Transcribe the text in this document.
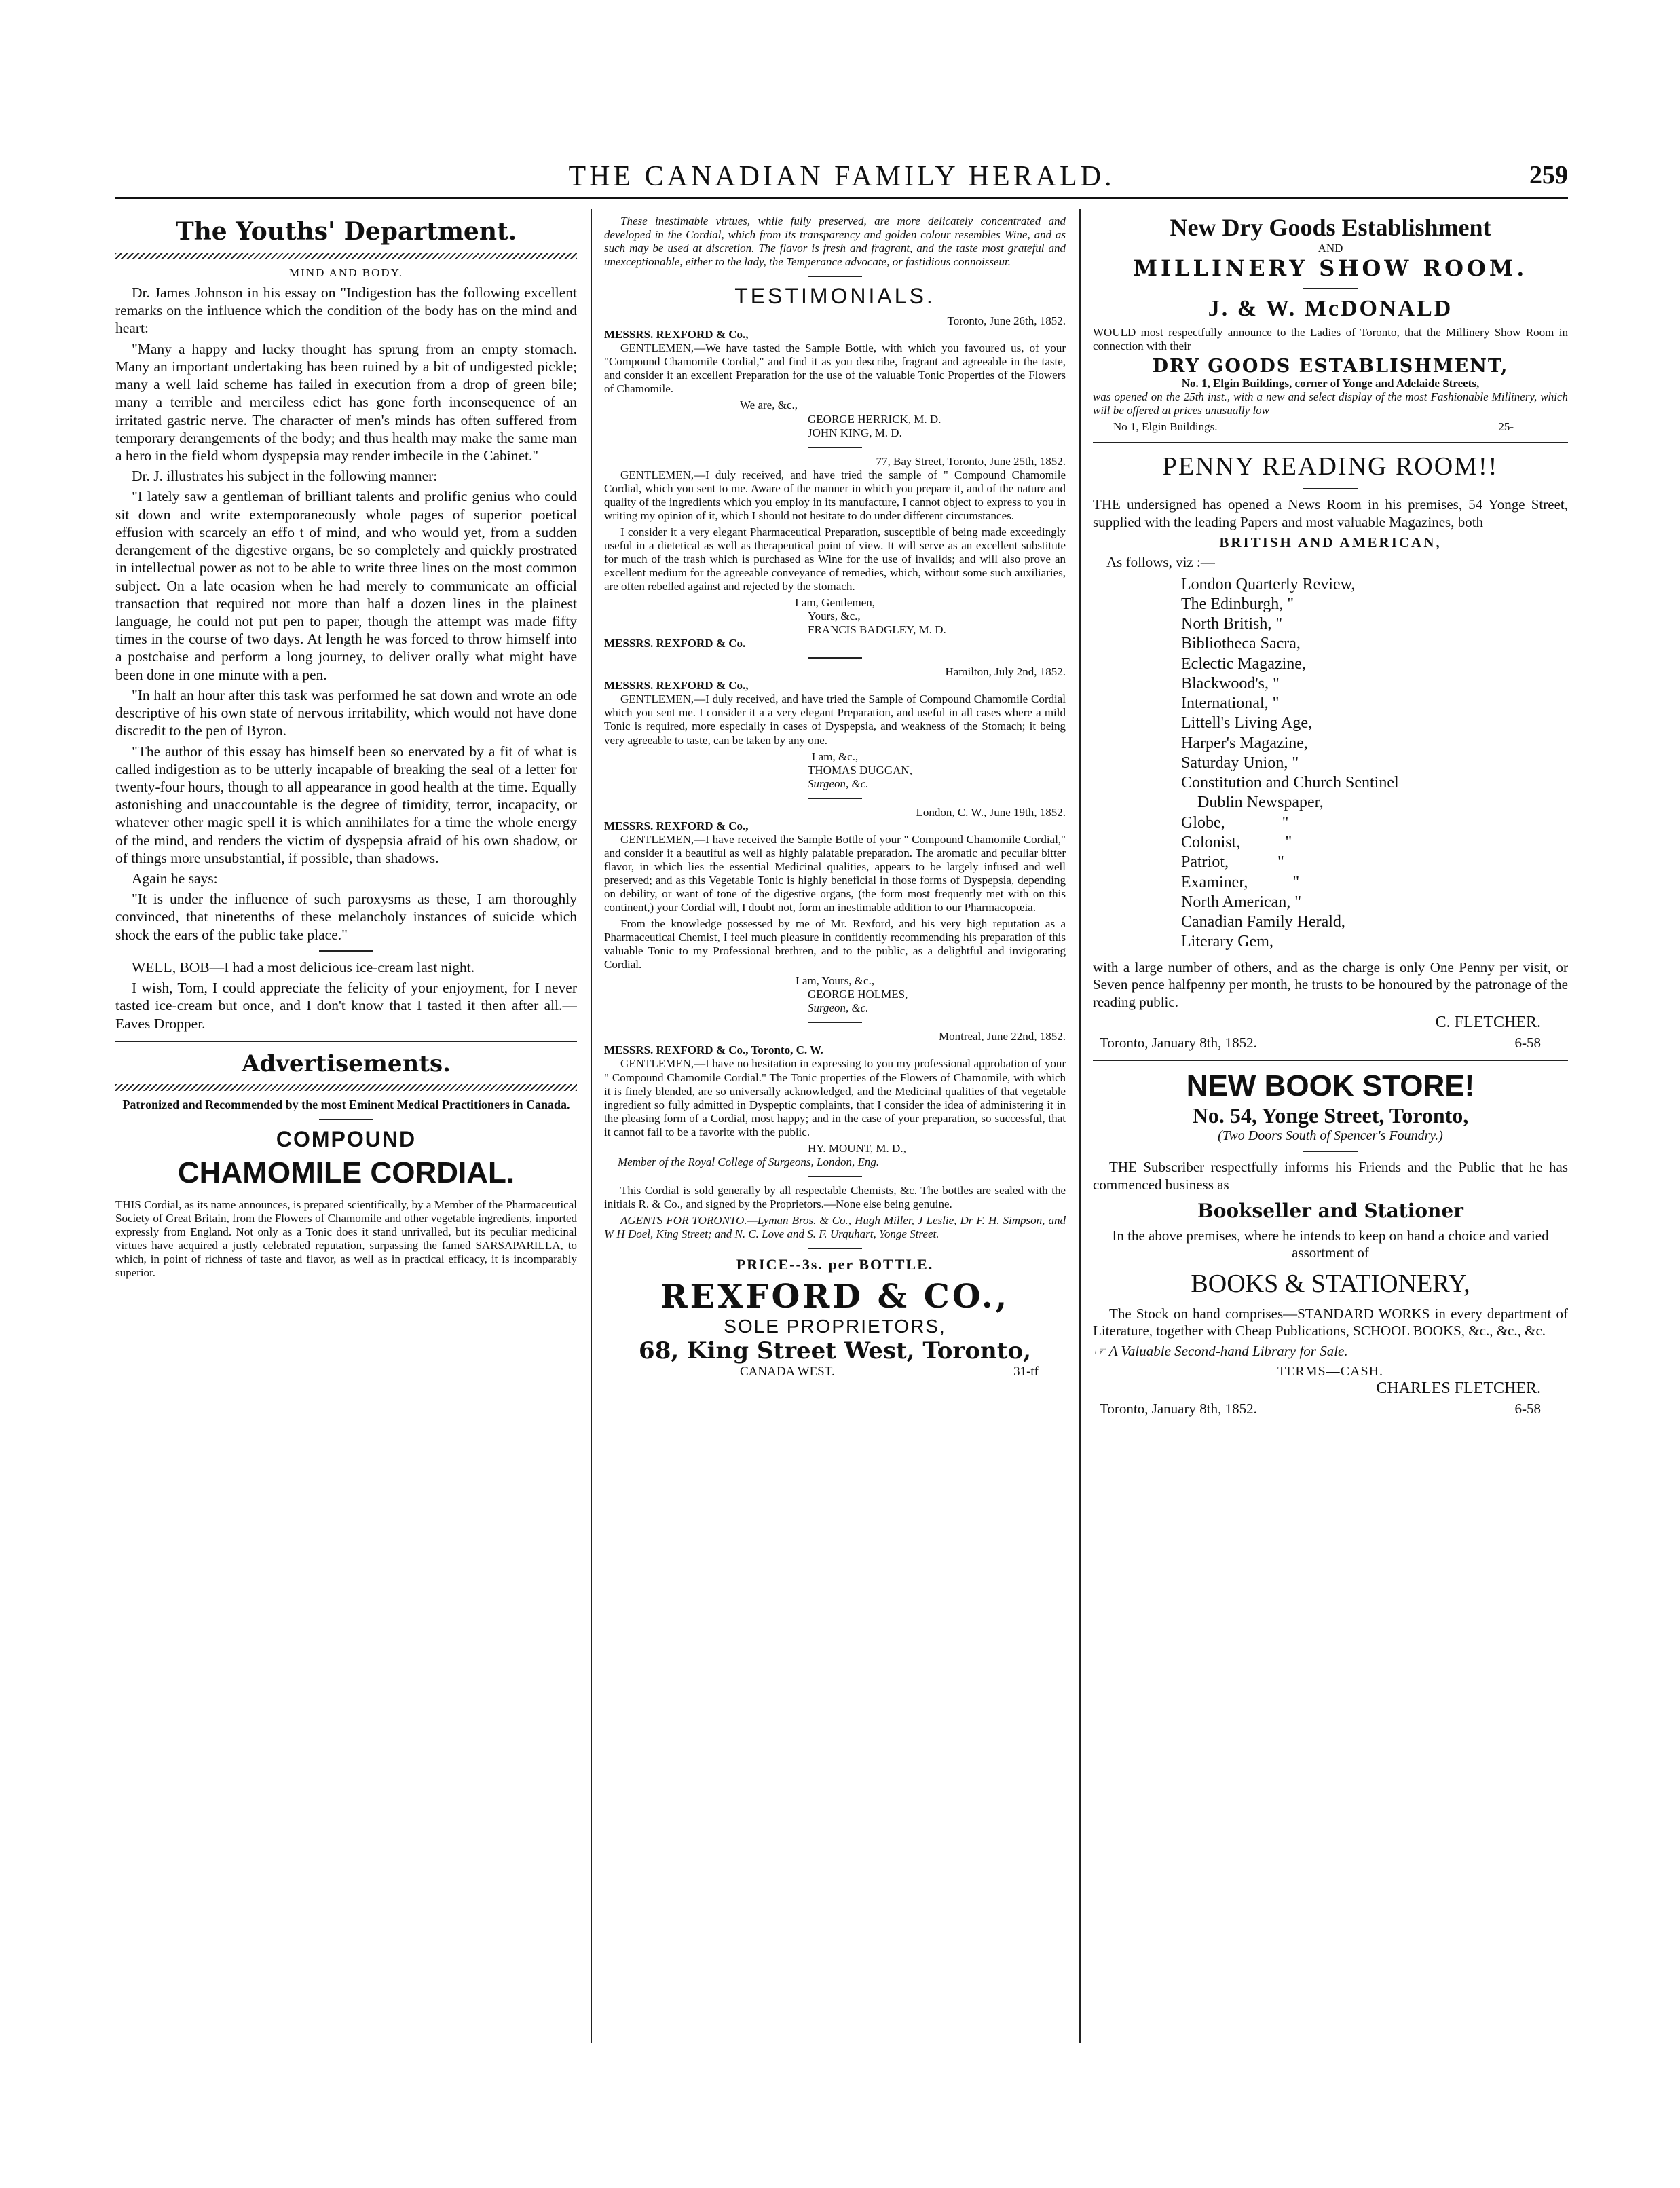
THE CANADIAN FAMILY HERALD.	259
The Youths' Department.
MIND AND BODY.

Dr. James Johnson in his essay on "Indigestion has the following excellent remarks on the influence which the condition of the body has on the mind and heart:

"Many a happy and lucky thought has sprung from an empty stomach. Many an important undertaking has been ruined by a bit of undigested pickle; many a well laid scheme has failed in execution from a drop of green bile; many a terrible and merciless edict has gone forth inconsequence of an irritated gastric nerve. The character of men's minds has often suffered from temporary derangements of the body; and thus health may make the same man a hero in the field whom dyspepsia may render imbecile in the Cabinet."

Dr. J. illustrates his subject in the following manner:

"I lately saw a gentleman of brilliant talents and prolific genius who could sit down and write extemporaneously whole pages of superior poetical effusion with scarcely an effo t of mind, and who would yet, from a sudden derangement of the digestive organs, be so completely and quickly prostrated in intellectual power as not to be able to write three lines on the most common subject. On a late ocasion when he had merely to communicate an official transaction that required not more than half a dozen lines in the plainest language, he could not put pen to paper, though the attempt was made fifty times in the course of two days. At length he was forced to throw himself into a postchaise and perform a long journey, to deliver orally what might have been done in one minute with a pen.

"In half an hour after this task was performed he sat down and wrote an ode descriptive of his own state of nervous irritability, which would not have done discredit to the pen of Byron.

"The author of this essay has himself been so enervated by a fit of what is called indigestion as to be utterly incapable of breaking the seal of a letter for twenty-four hours, though to all appearance in good health at the time. Equally astonishing and unaccountable is the degree of timidity, terror, incapacity, or whatever other magic spell it is which annihilates for a time the whole energy of the mind, and renders the victim of dyspepsia afraid of his own shadow, or of things more unsubstantial, if possible, than shadows.

Again he says:

"It is under the influence of such paroxysms as these, I am thoroughly convinced, that ninetenths of these melancholy instances of suicide which shock the ears of the public take place."

WELL, BOB—I had a most delicious ice-cream last night.

I wish, Tom, I could appreciate the felicity of your enjoyment, for I never tasted ice-cream but once, and I don't know that I tasted it then after all.—Eaves Dropper.

Advertisements.
Patronized and Recommended by the most Eminent Medical Practitioners in Canada.
COMPOUND
CHAMOMILE CORDIAL.

THIS Cordial, as its name announces, is prepared scientifically, by a Member of the Pharmaceutical Society of Great Britain, from the Flowers of Chamomile and other vegetable ingredients, imported expressly from England. Not only as a Tonic does it stand unrivalled, but its peculiar medicinal virtues have acquired a justly celebrated reputation, surpassing the famed SARSAPARILLA, to which, in point of richness of taste and flavor, as well as in practical efficacy, it is incomparably superior.

These inestimable virtues, while fully preserved, are more delicately concentrated and developed in the Cordial, which from its transparency and golden colour resembles Wine, and as such may be used at discretion. The flavor is fresh and fragrant, and the taste most grateful and unexceptionable, either to the lady, the Temperance advocate, or fastidious connoisseur.

TESTIMONIALS.
Toronto, June 26th, 1852.
MESSRS. REXFORD & Co.,

GENTLEMEN,—We have tasted the Sample Bottle, with which you favoured us, of your "Compound Chamomile Cordial," and find it as you describe, fragrant and agreeable in the taste, and consider it an excellent Preparation for the use of the valuable Tonic Properties of the Flowers of Chamomile.

We are, &c.,
GEORGE HERRICK, M. D.
JOHN KING, M. D.
77, Bay Street, Toronto, June 25th, 1852.

GENTLEMEN,—I duly received, and have tried the sample of " Compound Chamomile Cordial, which you sent to me. Aware of the manner in which you prepare it, and of the nature and quality of the ingredients which you employ in its manufacture, I cannot object to express to you in writing my opinion of it, which I should not hesitate to do under different circumstances.

I consider it a very elegant Pharmaceutical Preparation, susceptible of being made exceedingly useful in a dietetical as well as therapeutical point of view. It will serve as an excellent substitute for much of the trash which is purchased as Wine for the use of invalids; and will also prove an excellent medium for the agreeable conveyance of remedies, which, without some such auxiliaries, are often rebelled against and rejected by the stomach.

I am, Gentlemen,
Yours, &c.,
FRANCIS BADGLEY, M. D.
MESSRS. REXFORD & Co.
Hamilton, July 2nd, 1852.
MESSRS. REXFORD & Co.,

GENTLEMEN,—I duly received, and have tried the Sample of Compound Chamomile Cordial which you sent me. I consider it a a very elegant Preparation, and useful in all cases where a mild Tonic is required, more especially in cases of Dyspepsia, and weakness of the Stomach; it being very agreeable to taste, can be taken by any one.

I am, &c.,
THOMAS DUGGAN,
Surgeon, &c.
London, C. W., June 19th, 1852.
MESSRS. REXFORD & Co.,

GENTLEMEN,—I have received the Sample Bottle of your " Compound Chamomile Cordial," and consider it a beautiful as well as highly palatable preparation. The aromatic and peculiar bitter flavor, in which lies the essential Medicinal qualities, appears to be largely infused and well preserved; and as this Vegetable Tonic is highly beneficial in those forms of Dyspepsia, depending on debility, or want of tone of the digestive organs, (the form most frequently met with on this continent,) your Cordial will, I doubt not, form an inestimable addition to our Pharmacopœia.

From the knowledge possessed by me of Mr. Rexford, and his very high reputation as a Pharmaceutical Chemist, I feel much pleasure in confidently recommending his preparation of this valuable Tonic to my Professional brethren, and to the public, as a delightful and invigorating Cordial.

I am, Yours, &c.,
GEORGE HOLMES,
Surgeon, &c.
Montreal, June 22nd, 1852.
MESSRS. REXFORD & Co., Toronto, C. W.

GENTLEMEN,—I have no hesitation in expressing to you my professional approbation of your " Compound Chamomile Cordial." The Tonic properties of the Flowers of Chamomile, with which it is finely blended, are so universally acknowledged, and the Medicinal qualities of that vegetable ingredient so fully admitted in Dyspeptic complaints, that I consider the idea of administering it in the pleasing form of a Cordial, most happy; and in the case of your preparation, so successful, that it cannot fail to be a favorite with the public.

HY. MOUNT, M. D.,
Member of the Royal College of Surgeons, London, Eng.

This Cordial is sold generally by all respectable Chemists, &c. The bottles are sealed with the initials R. & Co., and signed by the Proprietors.—None else being genuine.

AGENTS FOR TORONTO.—Lyman Bros. & Co., Hugh Miller, J Leslie, Dr F. H. Simpson, and W H Doel, King Street; and N. C. Love and S. F. Urquhart, Yonge Street.

PRICE--3s. per BOTTLE.
REXFORD & CO.,
SOLE PROPRIETORS,
68, King Street West, Toronto,
CANADA WEST.	31-tf
New Dry Goods Establishment
AND
MILLINERY SHOW ROOM.
J. & W. McDONALD

WOULD most respectfully announce to the Ladies of Toronto, that the Millinery Show Room in connection with their

DRY GOODS ESTABLISHMENT,
No. 1, Elgin Buildings, corner of Yonge and Adelaide Streets,

was opened on the 25th inst., with a new and select display of the most Fashionable Millinery, which will be offered at prices unusually low

No 1, Elgin Buildings.	25-
PENNY READING ROOM!!

THE undersigned has opened a News Room in his premises, 54 Yonge Street, supplied with the leading Papers and most valuable Magazines, both

BRITISH AND AMERICAN,
As follows, viz :—
London Quarterly Review,
The Edinburgh, "
North British, "
Bibliotheca Sacra,
Eclectic Magazine,
Blackwood's, "
International, "
Littell's Living Age,
Harper's Magazine,
Saturday Union, "
Constitution and Church Sentinel
Dublin Newspaper,
Globe,              "
Colonist,           "
Patriot,            "
Examiner,           "
North American, "
Canadian Family Herald,
Literary Gem,

with a large number of others, and as the charge is only One Penny per visit, or Seven pence halfpenny per month, he trusts to be honoured by the patronage of the reading public.

C. FLETCHER.
Toronto, January 8th, 1852.	6-58
NEW BOOK STORE!
No. 54, Yonge Street, Toronto,
(Two Doors South of Spencer's Foundry.)

THE Subscriber respectfully informs his Friends and the Public that he has commenced business as

Bookseller and Stationer
In the above premises, where he intends to keep on hand a choice and varied assortment of
BOOKS & STATIONERY,

The Stock on hand comprises—STANDARD WORKS in every department of Literature, together with Cheap Publications, SCHOOL BOOKS, &c., &c., &c.

☞ A Valuable Second-hand Library for Sale.
TERMS—CASH.
CHARLES FLETCHER.
Toronto, January 8th, 1852.	6-58
